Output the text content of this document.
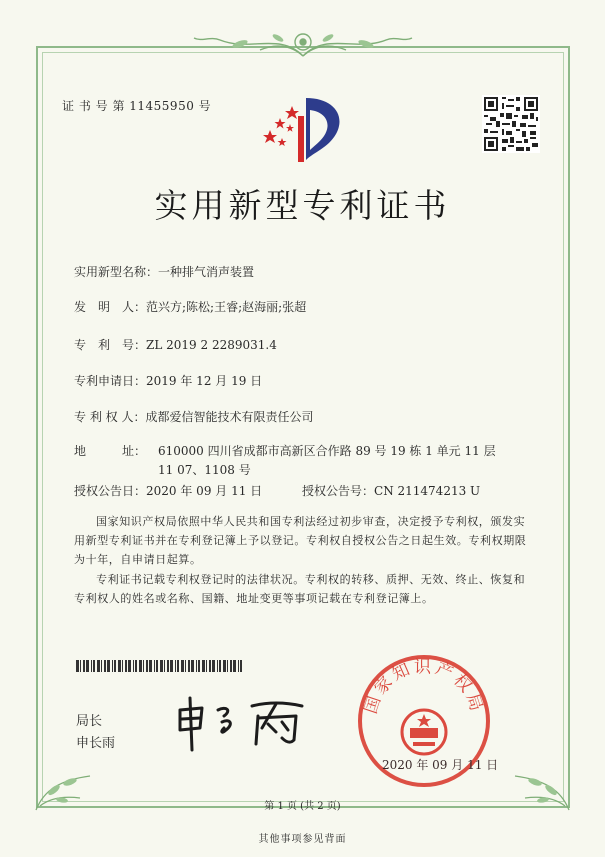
证 书 号 第 11455950 号
实用新型专利证书
实用新型名称：一种排气消声装置
发　明　人：范兴方;陈松;王睿;赵海丽;张超
专　利　号：ZL 2019 2 2289031.4
专利申请日：2019 年 12 月 19 日
专 利 权 人：成都爱信智能技术有限责任公司
地　　　址： 610000 四川省成都市高新区合作路 89 号 19 栋 1 单元 11 层 11 07、1108 号
授权公告日：2020 年 09 月 11 日	授权公告号：CN 211474213 U
国家知识产权局依照中华人民共和国专利法经过初步审查，决定授予专利权，颁发实用新型专利证书并在专利登记簿上予以登记。专利权自授权公告之日起生效。专利权期限为十年，自申请日起算。
专利证书记载专利权登记时的法律状况。专利权的转移、质押、无效、终止、恢复和专利权人的姓名或名称、国籍、地址变更等事项记载在专利登记簿上。
局长
申长雨
国家知识产权局
2020 年 09 月 11 日
第 1 页 (共 2 页)
其他事项参见背面
